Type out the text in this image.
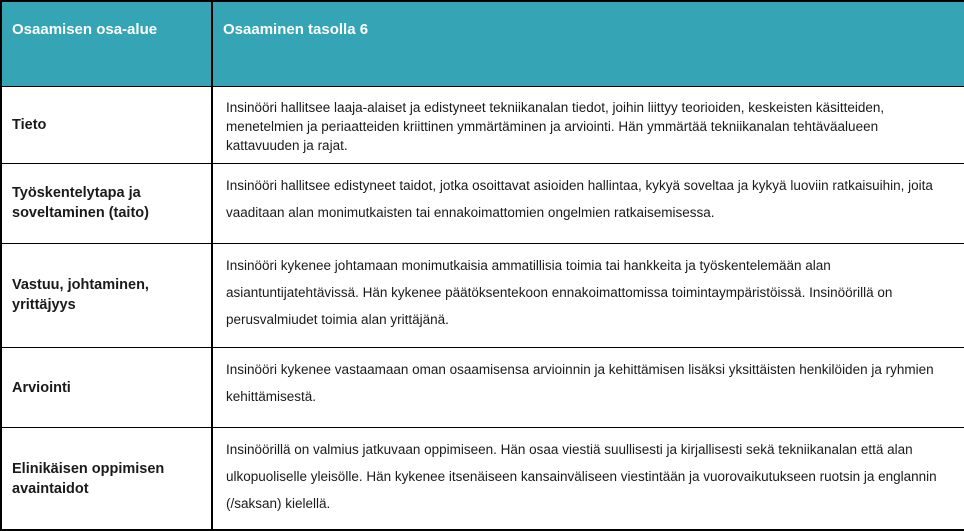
Osaamisen osa-alue	Osaaminen tasolla 6
Tieto	Insinööri hallitsee laaja-alaiset ja edistyneet tekniikanalan tiedot, joihin liittyy teorioiden, keskeisten käsitteiden, menetelmien ja periaatteiden kriittinen ymmärtäminen ja arviointi. Hän ymmärtää tekniikanalan tehtäväalueen kattavuuden ja rajat.
Työskentelytapa ja soveltaminen (taito)	Insinööri hallitsee edistyneet taidot, jotka osoittavat asioiden hallintaa, kykyä soveltaa ja kykyä luoviin ratkaisuihin, joita vaaditaan alan monimutkaisten tai ennakoimattomien ongelmien ratkaisemisessa.
Vastuu, johtaminen, yrittäjyys	Insinööri kykenee johtamaan monimutkaisia ammatillisia toimia tai hankkeita ja työskentelemään alan asiantuntijatehtävissä. Hän kykenee päätöksentekoon ennakoimattomissa toimintaympäristöissä. Insinöörillä on perusvalmiudet toimia alan yrittäjänä.
Arviointi	Insinööri kykenee vastaamaan oman osaamisensa arvioinnin ja kehittämisen lisäksi yksittäisten henkilöiden ja ryhmien kehittämisestä.
Elinikäisen oppimisen avaintaidot	Insinöörillä on valmius jatkuvaan oppimiseen. Hän osaa viestiä suullisesti ja kirjallisesti sekä tekniikanalan että alan ulkopuoliselle yleisölle. Hän kykenee itsenäiseen kansainväliseen viestintään ja vuorovaikutukseen ruotsin ja englannin (/saksan) kielellä.
